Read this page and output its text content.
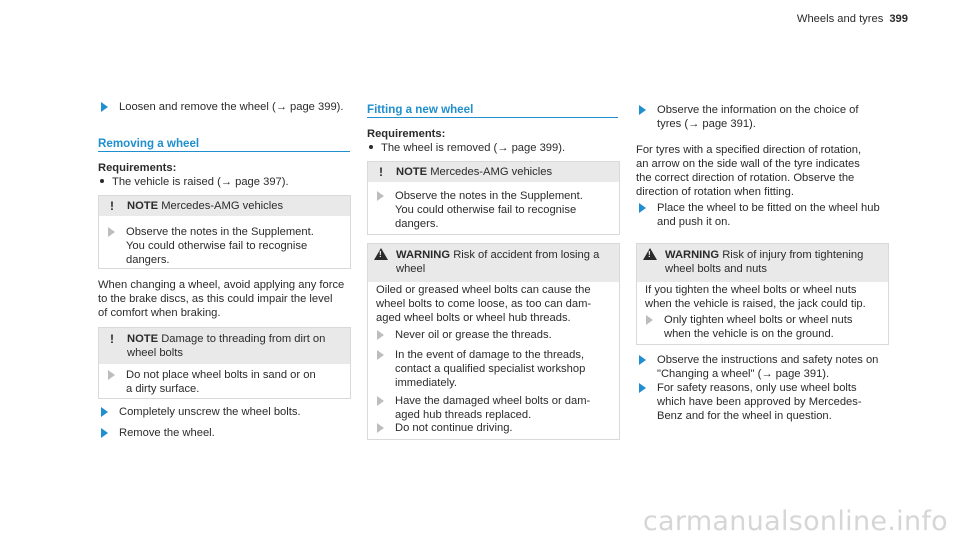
Wheels and tyres 399
Loosen and remove the wheel (→ page 399).
Removing a wheel
Requirements:
The vehicle is raised (→ page 397).
!	NOTE
Mercedes-AMG vehicles
Observe the notes in the Supplement.
You could otherwise fail to recognise
dangers.
When changing a wheel, avoid applying any force
to the brake discs, as this could impair the level
of comfort when braking.
!	NOTE Damage to threading from dirt on
wheel bolts
Do not place wheel bolts in sand or on
a dirty surface.
Completely unscrew the wheel bolts.
Remove the wheel.
Fitting a new wheel
Requirements:
The wheel is removed (→ page 399).
!	NOTE
Mercedes-AMG vehicles
Observe the notes in the Supplement.
You could otherwise fail to recognise
dangers.
!
WARNING Risk of accident from losing a
wheel
Oiled or greased wheel bolts can cause the
wheel bolts to come loose, as too can dam-
aged wheel bolts or wheel hub threads.
Never oil or grease the threads.
In the event of damage to the threads,
contact a qualified specialist workshop
immediately.
Have the damaged wheel bolts or dam-
aged hub threads replaced.
Do not continue driving.
Observe the information on the choice of
tyres (→ page 391).
For tyres with a specified direction of rotation,
an arrow on the side wall of the tyre indicates
the correct direction of rotation. Observe the
direction of rotation when fitting.
Place the wheel to be fitted on the wheel hub
and push it on.
!
WARNING Risk of injury from tightening
wheel bolts and nuts
If you tighten the wheel bolts or wheel nuts
when the vehicle is raised, the jack could tip.
Only tighten wheel bolts or wheel nuts
when the vehicle is on the ground.
Observe the instructions and safety notes on
"Changing a wheel" (→ page 391).
For safety reasons, only use wheel bolts
which have been approved by Mercedes-
Benz and for the wheel in question.
carmanualsonline.info
